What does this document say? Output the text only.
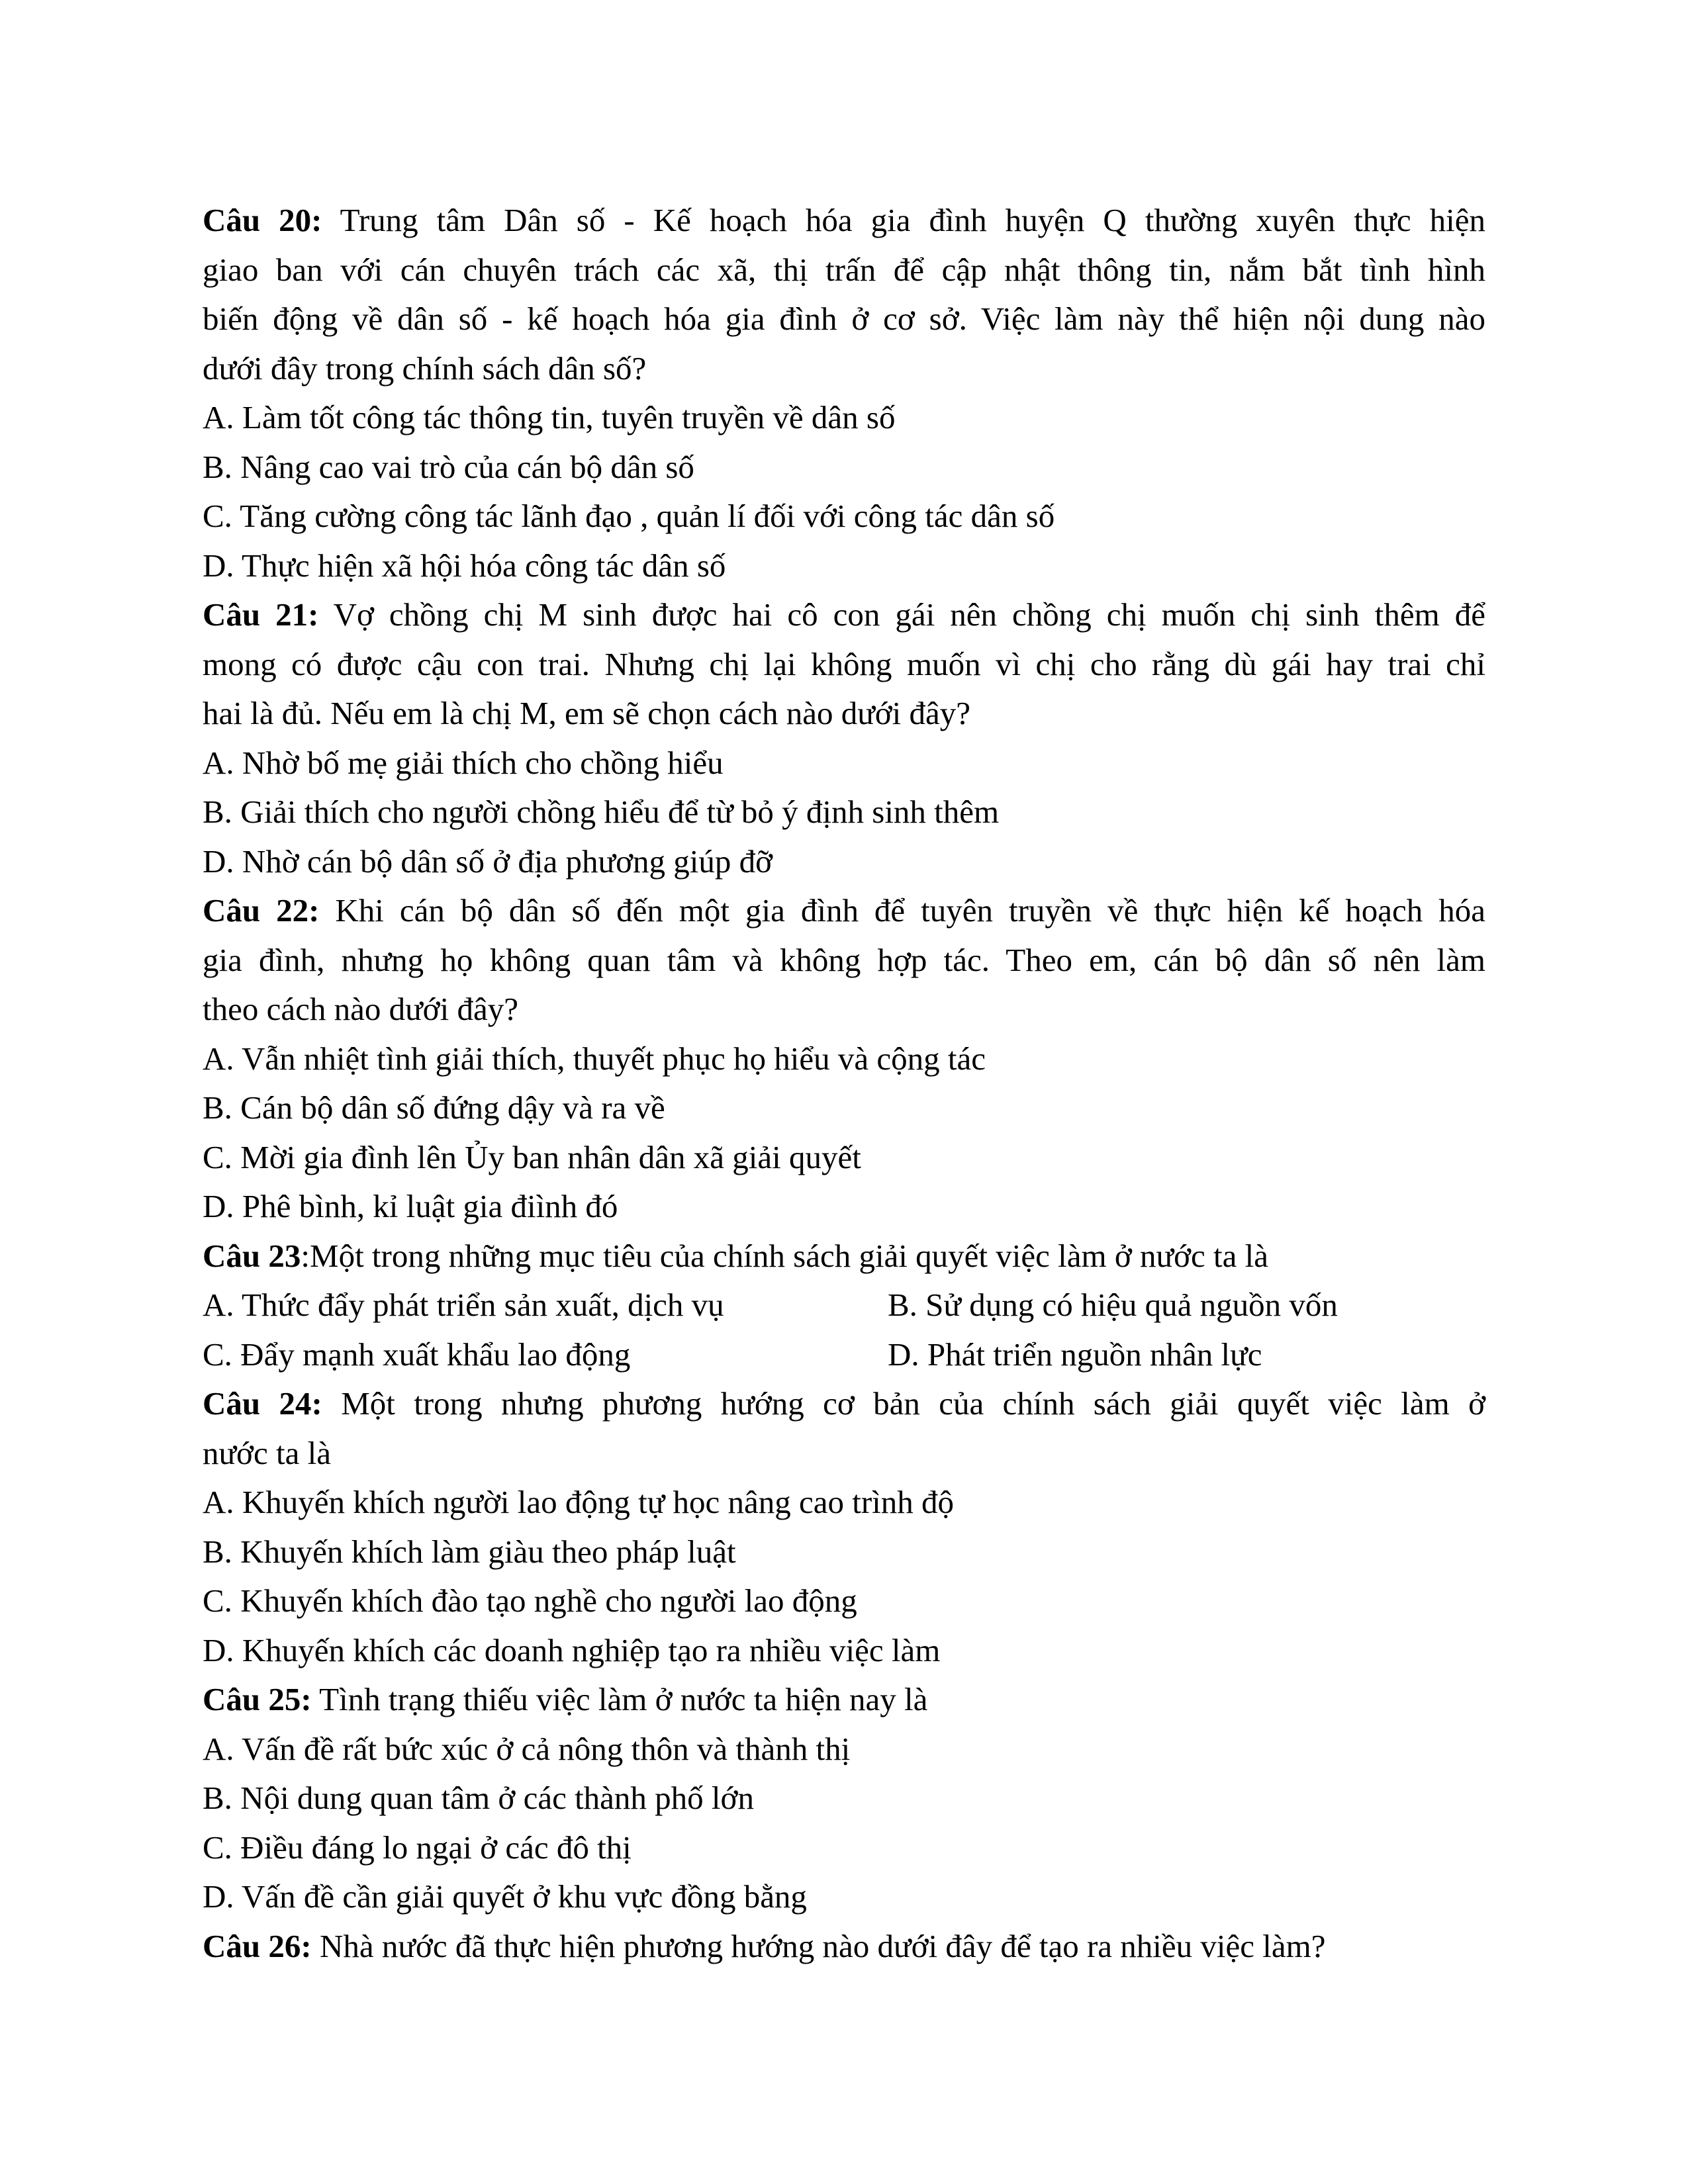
Câu 20: Trung tâm Dân số - Kế hoạch hóa gia đình huyện Q thường xuyên thực hiện
giao ban với cán chuyên trách các xã, thị trấn để cập nhật thông tin, nắm bắt tình hình
biến động về dân số - kế hoạch hóa gia đình ở cơ sở. Việc làm này thể hiện nội dung nào
dưới đây trong chính sách dân số?
A. Làm tốt công tác thông tin, tuyên truyền về dân số
B. Nâng cao vai trò của cán bộ dân số
C. Tăng cường công tác lãnh đạo , quản lí đối với công tác dân số
D. Thực hiện xã hội hóa công tác dân số
Câu 21: Vợ chồng chị M sinh được hai cô con gái nên chồng chị muốn chị sinh thêm để
mong có được cậu con trai. Nhưng chị lại không muốn vì chị cho rằng dù gái hay trai chỉ
hai là đủ. Nếu em là chị M, em sẽ chọn cách nào dưới đây?
A. Nhờ bố mẹ giải thích cho chồng hiểu
B. Giải thích cho người chồng hiểu để từ bỏ ý định sinh thêm
D. Nhờ cán bộ dân số ở địa phương giúp đỡ
Câu 22: Khi cán bộ dân số đến một gia đình để tuyên truyền về thực hiện kế hoạch hóa
gia đình, nhưng họ không quan tâm và không hợp tác. Theo em, cán bộ dân số nên làm
theo cách nào dưới đây?
A. Vẫn nhiệt tình giải thích, thuyết phục họ hiểu và cộng tác
B. Cán bộ dân số đứng dậy và ra về
C. Mời gia đình lên Ủy ban nhân dân xã giải quyết
D. Phê bình, kỉ luật gia điình đó
Câu 23:Một trong những mục tiêu của chính sách giải quyết việc làm ở nước ta là
A. Thức đẩy phát triển sản xuất, dịch vụ	B. Sử dụng có hiệu quả nguồn vốn
C. Đẩy mạnh xuất khẩu lao động	D. Phát triển nguồn nhân lực
Câu 24: Một trong nhưng phương hướng cơ bản của chính sách giải quyết việc làm ở
nước ta là
A. Khuyến khích người lao động tự học nâng cao trình độ
B. Khuyến khích làm giàu theo pháp luật
C. Khuyến khích đào tạo nghề cho người lao động
D. Khuyến khích các doanh nghiệp tạo ra nhiều việc làm
Câu 25: Tình trạng thiếu việc làm ở nước ta hiện nay là
A. Vấn đề rất bức xúc ở cả nông thôn và thành thị
B. Nội dung quan tâm ở các thành phố lớn
C. Điều đáng lo ngại ở các đô thị
D. Vấn đề cần giải quyết ở khu vực đồng bằng
Câu 26: Nhà nước đã thực hiện phương hướng nào dưới đây để tạo ra nhiều việc làm?
